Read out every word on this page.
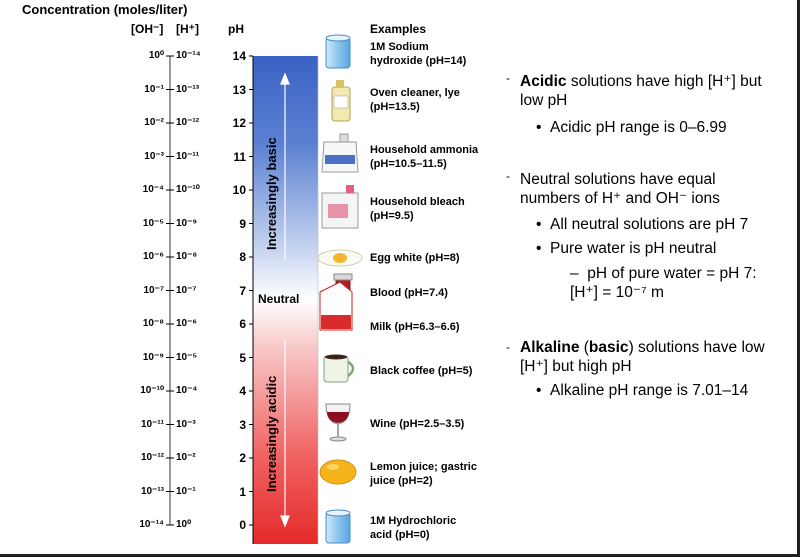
-
-
-
Concentration (moles/liter)
[OH⁻] [H⁺] pH	Examples
10⁰ 10⁻¹⁴	14
10⁻¹ 10⁻¹³	13
10⁻² 10⁻¹²	12
10⁻³ 10⁻¹¹	11
10⁻⁴ 10⁻¹⁰	10
10⁻⁵ 10⁻⁹	9
10⁻⁶ 10⁻⁸	8
10⁻⁷ 10⁻⁷	7
10⁻⁸ 10⁻⁶	6
10⁻⁹ 10⁻⁵	5
10⁻¹⁰ 10⁻⁴	4
10⁻¹¹ 10⁻³	3
10⁻¹² 10⁻²	2
10⁻¹³ 10⁻¹	1
10⁻¹⁴ 10⁰	0
Neutral
Increasingly basic
Increasingly acidic
1M Sodium
hydroxide (pH=14)
Oven cleaner, lye
(pH=13.5)
Household ammonia
(pH=10.5–11.5)
Household bleach
(pH=9.5)
Egg white (pH=8)
Blood (pH=7.4)
Milk (pH=6.3–6.6)
Black coffee (pH=5)
Wine (pH=2.5–3.5)
Lemon juice; gastric
juice (pH=2)
1M Hydrochloric
acid (pH=0)
Acidic solutions have high [H⁺] but low pH
•  Acidic pH range is 0–6.99
Neutral solutions have equal numbers of H⁺ and OH⁻ ions
•  All neutral solutions are pH 7
•  Pure water is pH neutral
–  pH of pure water = pH 7: [H⁺] = 10⁻⁷ m
Alkaline (basic) solutions have low [H⁺] but high pH
•  Alkaline pH range is 7.01–14
